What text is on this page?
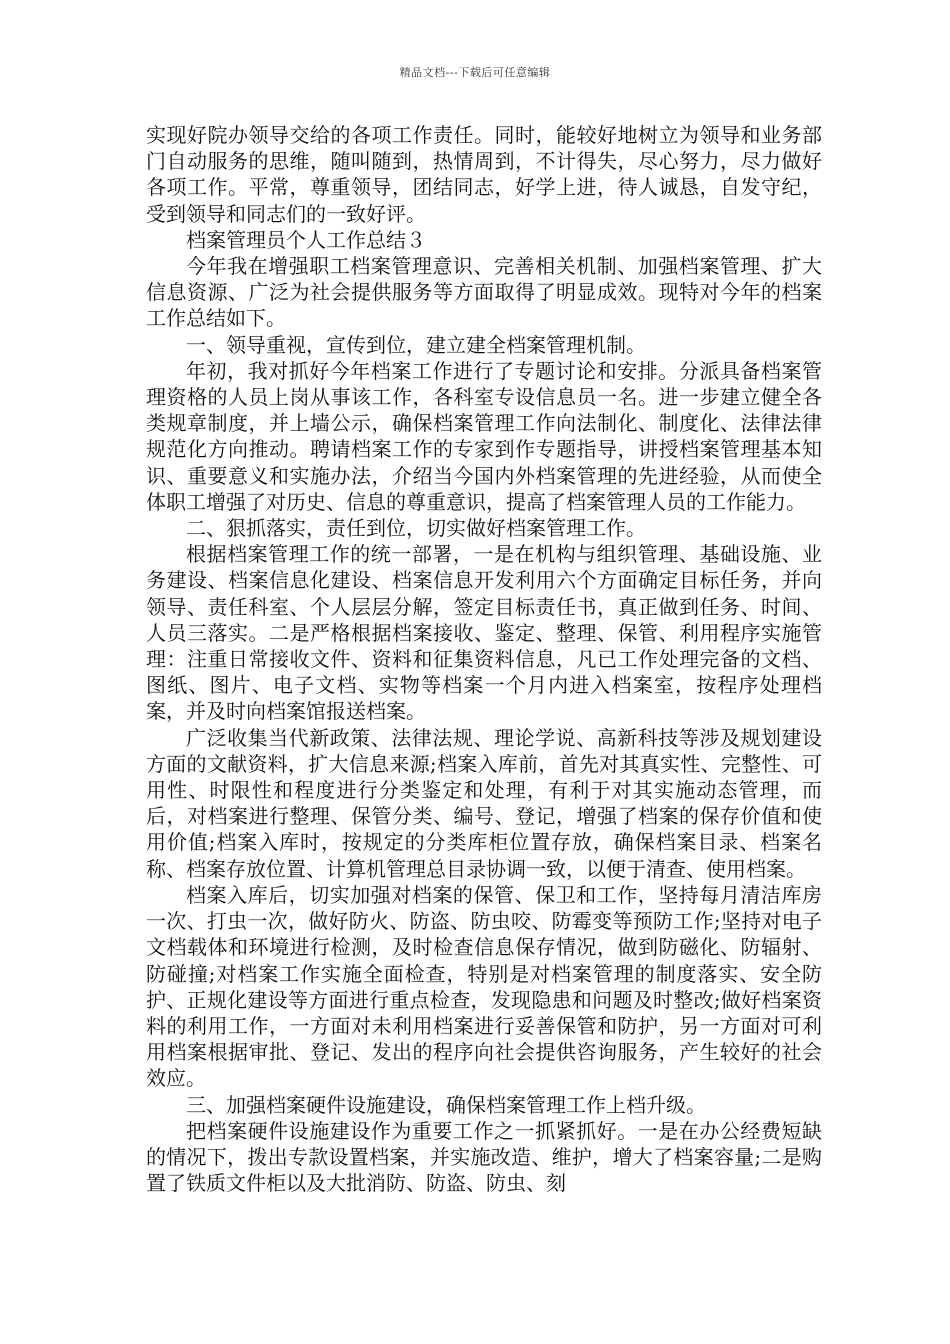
精品文档---下载后可任意编辑

实现好院办领导交给的各项工作责任。同时，能较好地树立为领导和业务部门自动服务的思维，随叫随到，热情周到，不计得失，尽心努力，尽力做好各项工作。平常，尊重领导，团结同志，好学上进，待人诚恳，自发守纪，受到领导和同志们的一致好评。

档案管理员个人工作总结３

今年我在增强职工档案管理意识、完善相关机制、加强档案管理、扩大信息资源、广泛为社会提供服务等方面取得了明显成效。现特对今年的档案工作总结如下。

一、领导重视，宣传到位，建立建全档案管理机制。

年初，我对抓好今年档案工作进行了专题讨论和安排。分派具备档案管理资格的人员上岗从事该工作，各科室专设信息员一名。进一步建立健全各类规章制度，并上墙公示，确保档案管理工作向法制化、制度化、法律法律规范化方向推动。聘请档案工作的专家到作专题指导，讲授档案管理基本知识、重要意义和实施办法，介绍当今国内外档案管理的先进经验，从而使全体职工增强了对历史、信息的尊重意识，提高了档案管理人员的工作能力。

二、狠抓落实，责任到位，切实做好档案管理工作。

根据档案管理工作的统一部署，一是在机构与组织管理、基础设施、业务建设、档案信息化建设、档案信息开发利用六个方面确定目标任务，并向领导、责任科室、个人层层分解，签定目标责任书，真正做到任务、时间、人员三落实。二是严格根据档案接收、鉴定、整理、保管、利用程序实施管理：注重日常接收文件、资料和征集资料信息，凡已工作处理完备的文档、图纸、图片、电子文档、实物等档案一个月内进入档案室，按程序处理档案，并及时向档案馆报送档案。

广泛收集当代新政策、法律法规、理论学说、高新科技等涉及规划建设方面的文献资料，扩大信息来源;档案入库前，首先对其真实性、完整性、可用性、时限性和程度进行分类鉴定和处理，有利于对其实施动态管理，而后，对档案进行整理、保管分类、编号、登记，增强了档案的保存价值和使用价值;档案入库时，按规定的分类库柜位置存放，确保档案目录、档案名称、档案存放位置、计算机管理总目录协调一致，以便于清查、使用档案。

档案入库后，切实加强对档案的保管、保卫和工作，坚持每月清洁库房一次、打虫一次，做好防火、防盗、防虫咬、防霉变等预防工作;坚持对电子文档载体和环境进行检测，及时检查信息保存情况，做到防磁化、防辐射、防碰撞;对档案工作实施全面检查，特别是对档案管理的制度落实、安全防护、正规化建设等方面进行重点检查，发现隐患和问题及时整改;做好档案资料的利用工作，一方面对未利用档案进行妥善保管和防护，另一方面对可利用档案根据审批、登记、发出的程序向社会提供咨询服务，产生较好的社会效应。

三、加强档案硬件设施建设，确保档案管理工作上档升级。

把档案硬件设施建设作为重要工作之一抓紧抓好。一是在办公经费短缺的情况下，拨出专款设置档案，并实施改造、维护，增大了档案容量;二是购置了铁质文件柜以及大批消防、防盗、防虫、刻
